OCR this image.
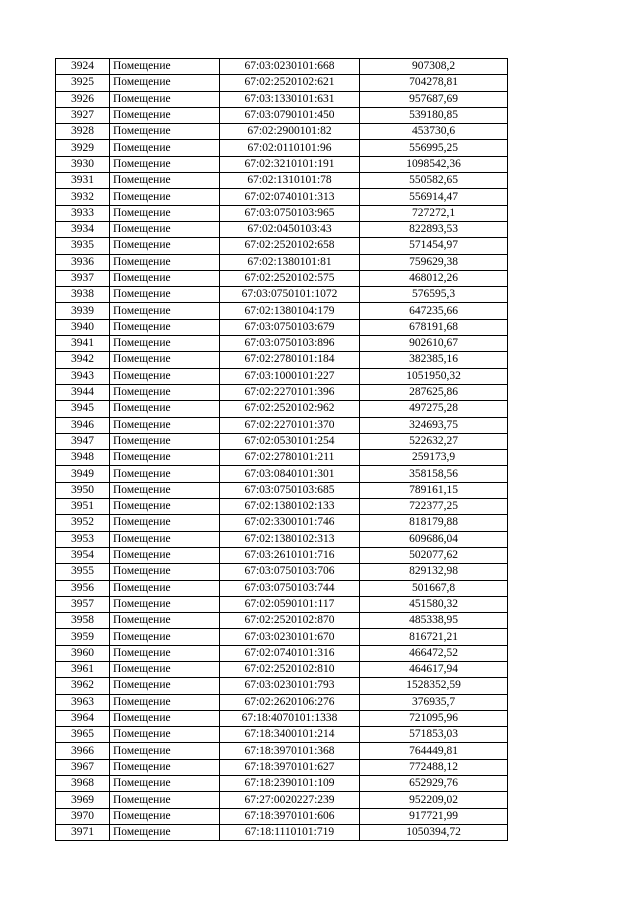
3924	Помещение	67:03:0230101:668	907308,2
3925	Помещение	67:02:2520102:621	704278,81
3926	Помещение	67:03:1330101:631	957687,69
3927	Помещение	67:03:0790101:450	539180,85
3928	Помещение	67:02:2900101:82	453730,6
3929	Помещение	67:02:0110101:96	556995,25
3930	Помещение	67:02:3210101:191	1098542,36
3931	Помещение	67:02:1310101:78	550582,65
3932	Помещение	67:02:0740101:313	556914,47
3933	Помещение	67:03:0750103:965	727272,1
3934	Помещение	67:02:0450103:43	822893,53
3935	Помещение	67:02:2520102:658	571454,97
3936	Помещение	67:02:1380101:81	759629,38
3937	Помещение	67:02:2520102:575	468012,26
3938	Помещение	67:03:0750101:1072	576595,3
3939	Помещение	67:02:1380104:179	647235,66
3940	Помещение	67:03:0750103:679	678191,68
3941	Помещение	67:03:0750103:896	902610,67
3942	Помещение	67:02:2780101:184	382385,16
3943	Помещение	67:03:1000101:227	1051950,32
3944	Помещение	67:02:2270101:396	287625,86
3945	Помещение	67:02:2520102:962	497275,28
3946	Помещение	67:02:2270101:370	324693,75
3947	Помещение	67:02:0530101:254	522632,27
3948	Помещение	67:02:2780101:211	259173,9
3949	Помещение	67:03:0840101:301	358158,56
3950	Помещение	67:03:0750103:685	789161,15
3951	Помещение	67:02:1380102:133	722377,25
3952	Помещение	67:02:3300101:746	818179,88
3953	Помещение	67:02:1380102:313	609686,04
3954	Помещение	67:03:2610101:716	502077,62
3955	Помещение	67:03:0750103:706	829132,98
3956	Помещение	67:03:0750103:744	501667,8
3957	Помещение	67:02:0590101:117	451580,32
3958	Помещение	67:02:2520102:870	485338,95
3959	Помещение	67:03:0230101:670	816721,21
3960	Помещение	67:02:0740101:316	466472,52
3961	Помещение	67:02:2520102:810	464617,94
3962	Помещение	67:03:0230101:793	1528352,59
3963	Помещение	67:02:2620106:276	376935,7
3964	Помещение	67:18:4070101:1338	721095,96
3965	Помещение	67:18:3400101:214	571853,03
3966	Помещение	67:18:3970101:368	764449,81
3967	Помещение	67:18:3970101:627	772488,12
3968	Помещение	67:18:2390101:109	652929,76
3969	Помещение	67:27:0020227:239	952209,02
3970	Помещение	67:18:3970101:606	917721,99
3971	Помещение	67:18:1110101:719	1050394,72
